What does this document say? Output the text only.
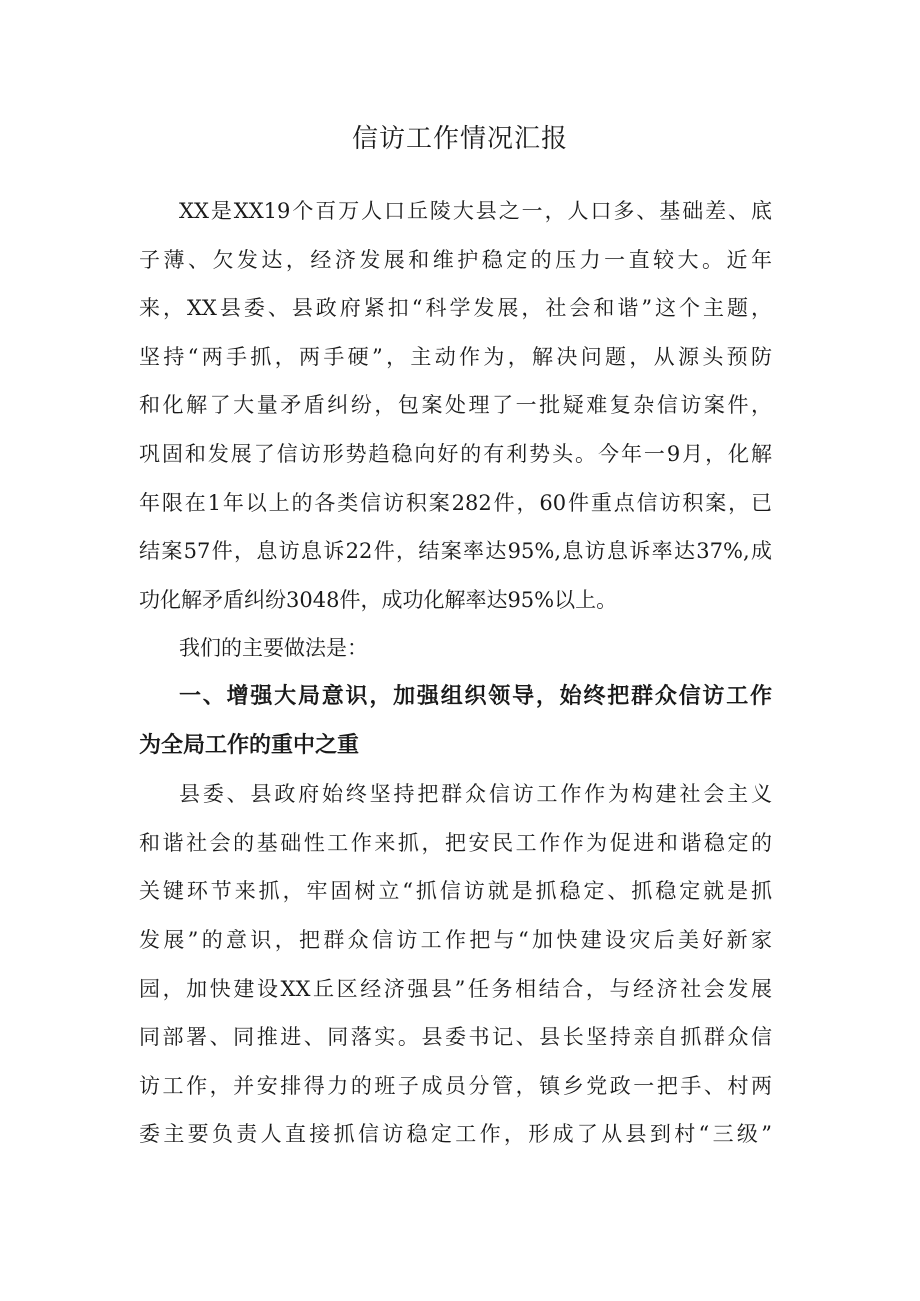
信访工作情况汇报
XX是XX19个百万人口丘陵大县之一，人口多、基础差、底
子薄、欠发达，经济发展和维护稳定的压力一直较大。近年
来，XX县委、县政府紧扣“科学发展，社会和谐”这个主题，
坚持“两手抓，两手硬”，主动作为，解决问题，从源头预防
和化解了大量矛盾纠纷，包案处理了一批疑难复杂信访案件，
巩固和发展了信访形势趋稳向好的有利势头。今年一9月，化解
年限在1年以上的各类信访积案282件，60件重点信访积案，已
结案57件，息访息诉22件，结案率达95%,息访息诉率达37%,成
功化解矛盾纠纷3048件，成功化解率达95%以上。
我们的主要做法是：
一、增强大局意识，加强组织领导，始终把群众信访工作
为全局工作的重中之重
县委、县政府始终坚持把群众信访工作作为构建社会主义
和谐社会的基础性工作来抓，把安民工作作为促进和谐稳定的
关键环节来抓，牢固树立“抓信访就是抓稳定、抓稳定就是抓
发展”的意识，把群众信访工作把与“加快建设灾后美好新家
园，加快建设XX丘区经济强县”任务相结合，与经济社会发展
同部署、同推进、同落实。县委书记、县长坚持亲自抓群众信
访工作，并安排得力的班子成员分管，镇乡党政一把手、村两
委主要负责人直接抓信访稳定工作，形成了从县到村“三级”
